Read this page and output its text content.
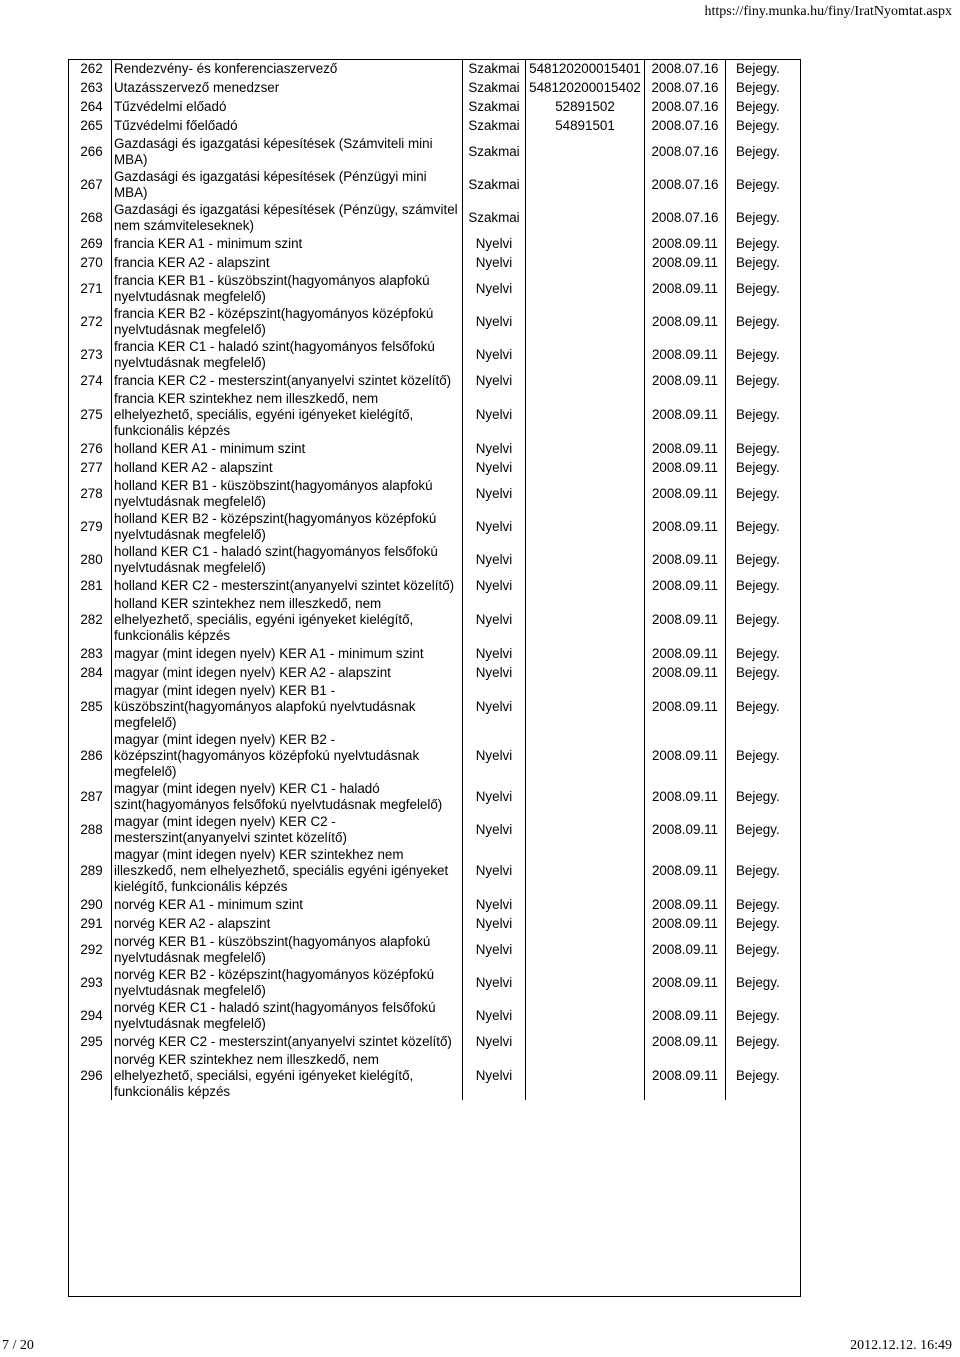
https://finy.munka.hu/finy/IratNyomtat.aspx
262	Rendezvény- és konferenciaszervező	Szakmai	548120200015401	2008.07.16	Bejegy.
263	Utazásszervező menedzser	Szakmai	548120200015402	2008.07.16	Bejegy.
264	Tűzvédelmi előadó	Szakmai	52891502	2008.07.16	Bejegy.
265	Tűzvédelmi főelőadó	Szakmai	54891501	2008.07.16	Bejegy.
266	Gazdasági és igazgatási képesítések (Számviteli mini MBA)	Szakmai		2008.07.16	Bejegy.
267	Gazdasági és igazgatási képesítések (Pénzügyi mini MBA)	Szakmai		2008.07.16	Bejegy.
268	Gazdasági és igazgatási képesítések (Pénzügy, számvitel nem számviteleseknek)	Szakmai		2008.07.16	Bejegy.
269	francia KER A1 - minimum szint	Nyelvi		2008.09.11	Bejegy.
270	francia KER A2 - alapszint	Nyelvi		2008.09.11	Bejegy.
271	francia KER B1 - küszöbszint(hagyományos alapfokú nyelvtudásnak megfelelő)	Nyelvi		2008.09.11	Bejegy.
272	francia KER B2 - középszint(hagyományos középfokú nyelvtudásnak megfelelő)	Nyelvi		2008.09.11	Bejegy.
273	francia KER C1 - haladó szint(hagyományos felsőfokú nyelvtudásnak megfelelő)	Nyelvi		2008.09.11	Bejegy.
274	francia KER C2 - mesterszint(anyanyelvi szintet közelítő)	Nyelvi		2008.09.11	Bejegy.
275	francia KER szintekhez nem illeszkedő, nem elhelyezhető, speciális, egyéni igényeket kielégítő, funkcionális képzés	Nyelvi		2008.09.11	Bejegy.
276	holland KER A1 - minimum szint	Nyelvi		2008.09.11	Bejegy.
277	holland KER A2 - alapszint	Nyelvi		2008.09.11	Bejegy.
278	holland KER B1 - küszöbszint(hagyományos alapfokú nyelvtudásnak megfelelő)	Nyelvi		2008.09.11	Bejegy.
279	holland KER B2 - középszint(hagyományos középfokú nyelvtudásnak megfelelő)	Nyelvi		2008.09.11	Bejegy.
280	holland KER C1 - haladó szint(hagyományos felsőfokú nyelvtudásnak megfelelő)	Nyelvi		2008.09.11	Bejegy.
281	holland KER C2 - mesterszint(anyanyelvi szintet közelítő)	Nyelvi		2008.09.11	Bejegy.
282	holland KER szintekhez nem illeszkedő, nem elhelyezhető, speciális, egyéni igényeket kielégítő, funkcionális képzés	Nyelvi		2008.09.11	Bejegy.
283	magyar (mint idegen nyelv) KER A1 - minimum szint	Nyelvi		2008.09.11	Bejegy.
284	magyar (mint idegen nyelv) KER A2 - alapszint	Nyelvi		2008.09.11	Bejegy.
285	magyar (mint idegen nyelv) KER B1 - küszöbszint(hagyományos alapfokú nyelvtudásnak megfelelő)	Nyelvi		2008.09.11	Bejegy.
286	magyar (mint idegen nyelv) KER B2 - középszint(hagyományos középfokú nyelvtudásnak megfelelő)	Nyelvi		2008.09.11	Bejegy.
287	magyar (mint idegen nyelv) KER C1 - haladó szint(hagyományos felsőfokú nyelvtudásnak megfelelő)	Nyelvi		2008.09.11	Bejegy.
288	magyar (mint idegen nyelv) KER C2 - mesterszint(anyanyelvi szintet közelítő)	Nyelvi		2008.09.11	Bejegy.
289	magyar (mint idegen nyelv) KER szintekhez nem illeszkedő, nem elhelyezhető, speciális egyéni igényeket kielégítő, funkcionális képzés	Nyelvi		2008.09.11	Bejegy.
290	norvég KER A1 - minimum szint	Nyelvi		2008.09.11	Bejegy.
291	norvég KER A2 - alapszint	Nyelvi		2008.09.11	Bejegy.
292	norvég KER B1 - küszöbszint(hagyományos alapfokú nyelvtudásnak megfelelő)	Nyelvi		2008.09.11	Bejegy.
293	norvég KER B2 - középszint(hagyományos középfokú nyelvtudásnak megfelelő)	Nyelvi		2008.09.11	Bejegy.
294	norvég KER C1 - haladó szint(hagyományos felsőfokú nyelvtudásnak megfelelő)	Nyelvi		2008.09.11	Bejegy.
295	norvég KER C2 - mesterszint(anyanyelvi szintet közelítő)	Nyelvi		2008.09.11	Bejegy.
296	norvég KER szintekhez nem illeszkedő, nem elhelyezhető, speciálsi, egyéni igényeket kielégítő, funkcionális képzés	Nyelvi		2008.09.11	Bejegy.
7 / 20	2012.12.12. 16:49
